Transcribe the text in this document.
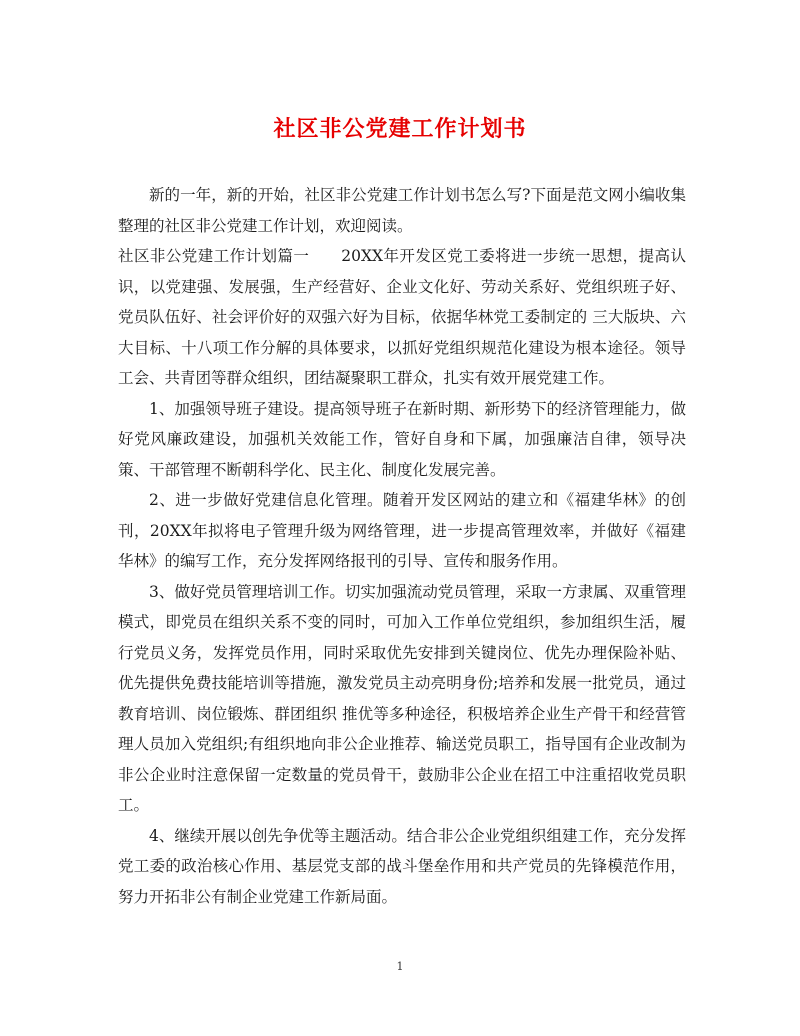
社区非公党建工作计划书

新的一年，新的开始，社区非公党建工作计划书怎么写?下面是范文网小编收集整理的社区非公党建工作计划，欢迎阅读。

社区非公党建工作计划篇一　　20XX年开发区党工委将进一步统一思想，提高认识，以党建强、发展强，生产经营好、企业文化好、劳动关系好、党组织班子好、党员队伍好、社会评价好的双强六好为目标，依据华林党工委制定的 三大版块、六大目标、十八项工作分解的具体要求，以抓好党组织规范化建设为根本途径。领导工会、共青团等群众组织，团结凝聚职工群众，扎实有效开展党建工作。

1、加强领导班子建设。提高领导班子在新时期、新形势下的经济管理能力，做好党风廉政建设，加强机关效能工作，管好自身和下属，加强廉洁自律，领导决策、干部管理不断朝科学化、民主化、制度化发展完善。

2、进一步做好党建信息化管理。随着开发区网站的建立和《福建华林》的创刊，20XX年拟将电子管理升级为网络管理，进一步提高管理效率，并做好《福建华林》的编写工作，充分发挥网络报刊的引导、宣传和服务作用。

3、做好党员管理培训工作。切实加强流动党员管理，采取一方隶属、双重管理模式，即党员在组织关系不变的同时，可加入工作单位党组织，参加组织生活，履行党员义务，发挥党员作用，同时采取优先安排到关键岗位、优先办理保险补贴、优先提供免费技能培训等措施，激发党员主动亮明身份;培养和发展一批党员，通过教育培训、岗位锻炼、群团组织 推优等多种途径，积极培养企业生产骨干和经营管理人员加入党组织;有组织地向非公企业推荐、输送党员职工，指导国有企业改制为非公企业时注意保留一定数量的党员骨干，鼓励非公企业在招工中注重招收党员职工。

4、继续开展以创先争优等主题活动。结合非公企业党组织组建工作，充分发挥党工委的政治核心作用、基层党支部的战斗堡垒作用和共产党员的先锋模范作用，努力开拓非公有制企业党建工作新局面。

1
